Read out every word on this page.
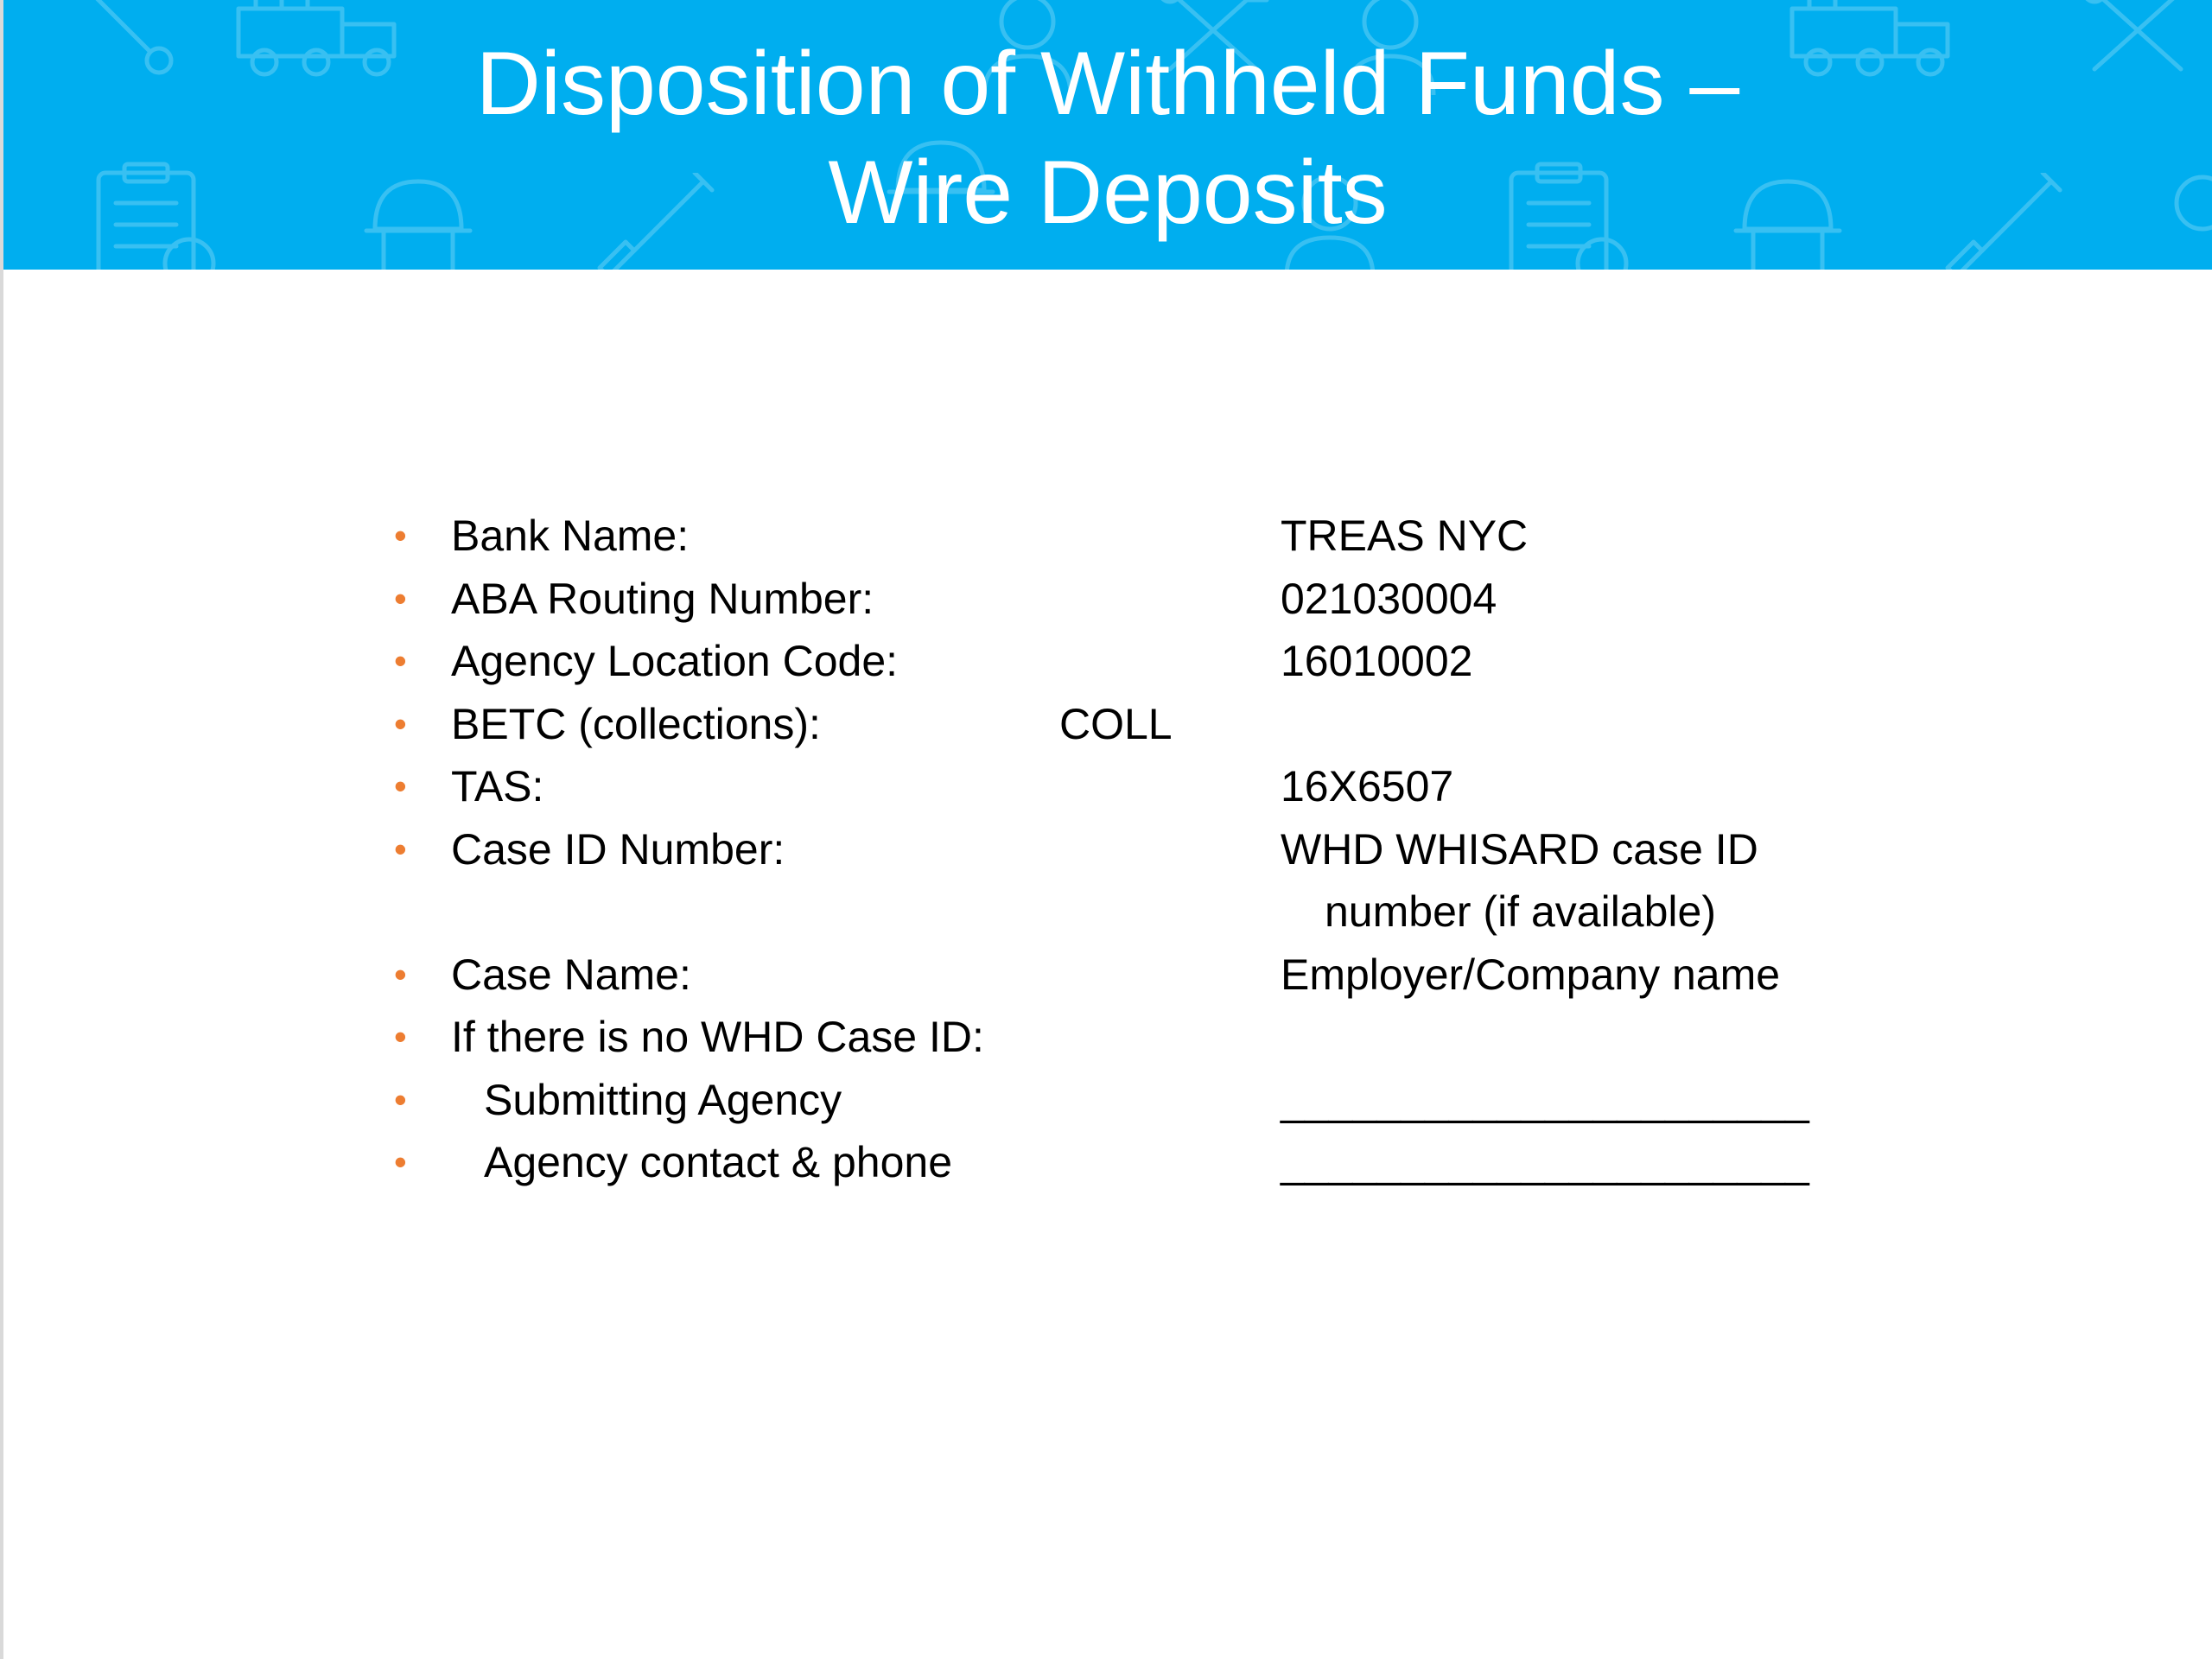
Disposition of Withheld Funds –
Wire Deposits
• Bank Name:	TREAS NYC
• ABA Routing Number:	021030004
• Agency Location Code:	16010002
• BETC (collections):	COLL
• TAS:	16X6507
• Case ID Number:	WHD WHISARD case ID
number (if available)
• Case Name:	Employer/Company name
• If there is no WHD Case ID:
• Submitting Agency	______________________
• Agency contact & phone	______________________
